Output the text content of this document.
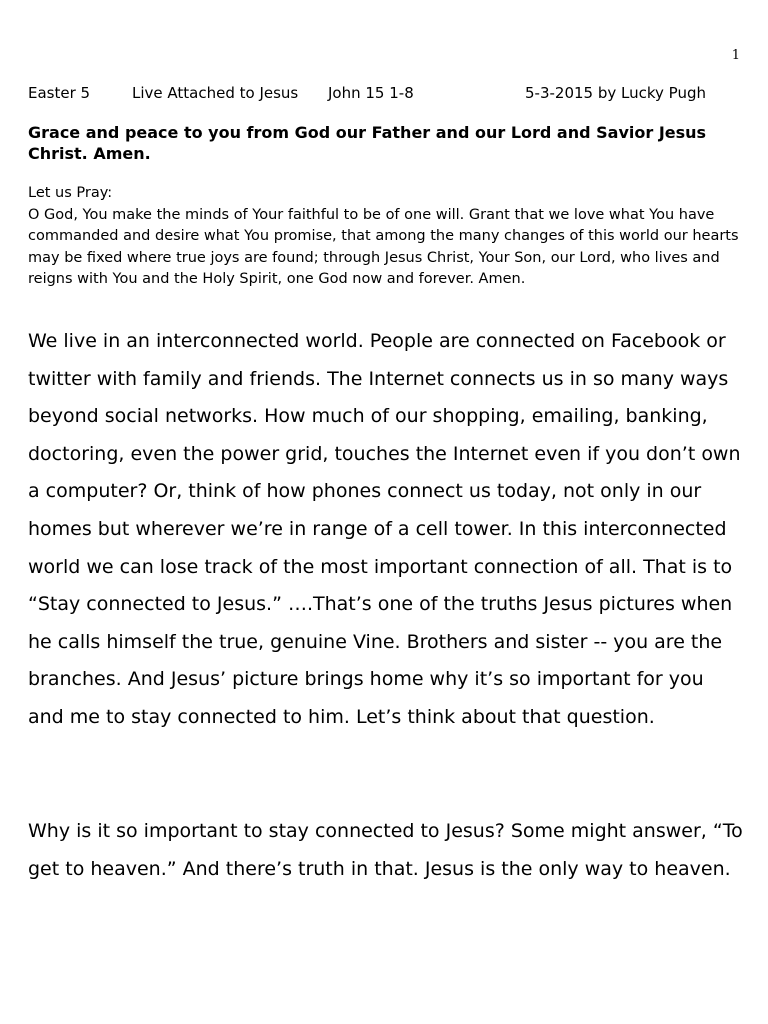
1
Easter 5	Live Attached to Jesus John 15 1-8	5-3-2015 by Lucky Pugh

Grace and peace to you from God our Father and our Lord and Savior Jesus Christ. Amen.

Let us Pray:

O God, You make the minds of Your faithful to be of one will. Grant that we love what You have commanded and desire what You promise, that among the many changes of this world our hearts may be fixed where true joys are found; through Jesus Christ, Your Son, our Lord, who lives and reigns with You and the Holy Spirit, one God now and forever. Amen.

We live in an interconnected world. People are connected on Facebook or twitter with family and friends. The Internet connects us in so many ways beyond social networks. How much of our shopping, emailing, banking, doctoring, even the power grid, touches the Internet even if you don’t own a computer? Or, think of how phones connect us today, not only in our homes but wherever we’re in range of a cell tower. In this interconnected world we can lose track of the most important connection of all. That is to “Stay connected to Jesus.” ….That’s one of the truths Jesus pictures when he calls himself the true, genuine Vine. Brothers and sister -- you are the branches. And Jesus’ picture brings home why it’s so important for you and me to stay connected to him. Let’s think about that question.

Why is it so important to stay connected to Jesus? Some might answer, “To get to heaven.” And there’s truth in that. Jesus is the only way to heaven.
